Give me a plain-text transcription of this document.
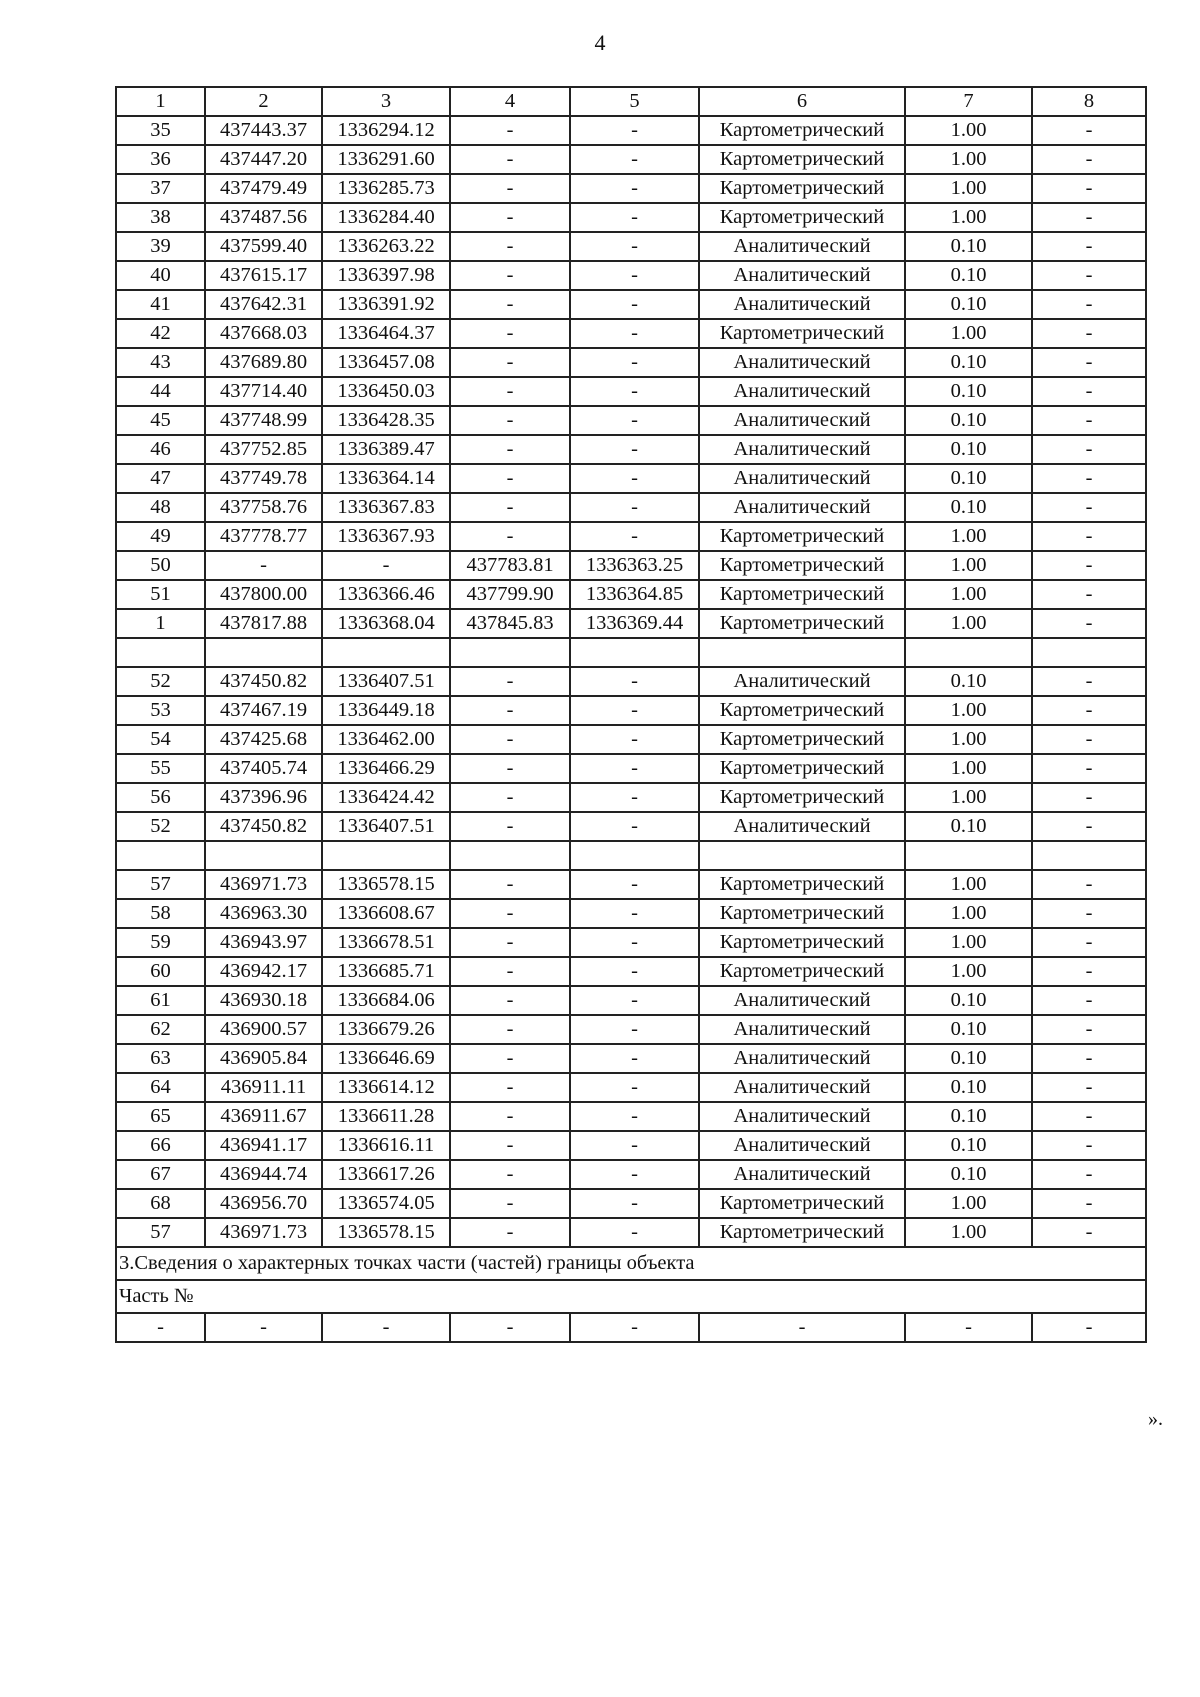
4
1	2	3	4	5	6	7	8
35	437443.37	1336294.12	-	-	Картометрический	1.00	-
36	437447.20	1336291.60	-	-	Картометрический	1.00	-
37	437479.49	1336285.73	-	-	Картометрический	1.00	-
38	437487.56	1336284.40	-	-	Картометрический	1.00	-
39	437599.40	1336263.22	-	-	Аналитический	0.10	-
40	437615.17	1336397.98	-	-	Аналитический	0.10	-
41	437642.31	1336391.92	-	-	Аналитический	0.10	-
42	437668.03	1336464.37	-	-	Картометрический	1.00	-
43	437689.80	1336457.08	-	-	Аналитический	0.10	-
44	437714.40	1336450.03	-	-	Аналитический	0.10	-
45	437748.99	1336428.35	-	-	Аналитический	0.10	-
46	437752.85	1336389.47	-	-	Аналитический	0.10	-
47	437749.78	1336364.14	-	-	Аналитический	0.10	-
48	437758.76	1336367.83	-	-	Аналитический	0.10	-
49	437778.77	1336367.93	-	-	Картометрический	1.00	-
50	-	-	437783.81	1336363.25	Картометрический	1.00	-
51	437800.00	1336366.46	437799.90	1336364.85	Картометрический	1.00	-
1	437817.88	1336368.04	437845.83	1336369.44	Картометрический	1.00	-

52	437450.82	1336407.51	-	-	Аналитический	0.10	-
53	437467.19	1336449.18	-	-	Картометрический	1.00	-
54	437425.68	1336462.00	-	-	Картометрический	1.00	-
55	437405.74	1336466.29	-	-	Картометрический	1.00	-
56	437396.96	1336424.42	-	-	Картометрический	1.00	-
52	437450.82	1336407.51	-	-	Аналитический	0.10	-

57	436971.73	1336578.15	-	-	Картометрический	1.00	-
58	436963.30	1336608.67	-	-	Картометрический	1.00	-
59	436943.97	1336678.51	-	-	Картометрический	1.00	-
60	436942.17	1336685.71	-	-	Картометрический	1.00	-
61	436930.18	1336684.06	-	-	Аналитический	0.10	-
62	436900.57	1336679.26	-	-	Аналитический	0.10	-
63	436905.84	1336646.69	-	-	Аналитический	0.10	-
64	436911.11	1336614.12	-	-	Аналитический	0.10	-
65	436911.67	1336611.28	-	-	Аналитический	0.10	-
66	436941.17	1336616.11	-	-	Аналитический	0.10	-
67	436944.74	1336617.26	-	-	Аналитический	0.10	-
68	436956.70	1336574.05	-	-	Картометрический	1.00	-
57	436971.73	1336578.15	-	-	Картометрический	1.00	-
3.Сведения о характерных точках части (частей) границы объекта							
Часть №							
-	-	-	-	-	-	-	-
».
